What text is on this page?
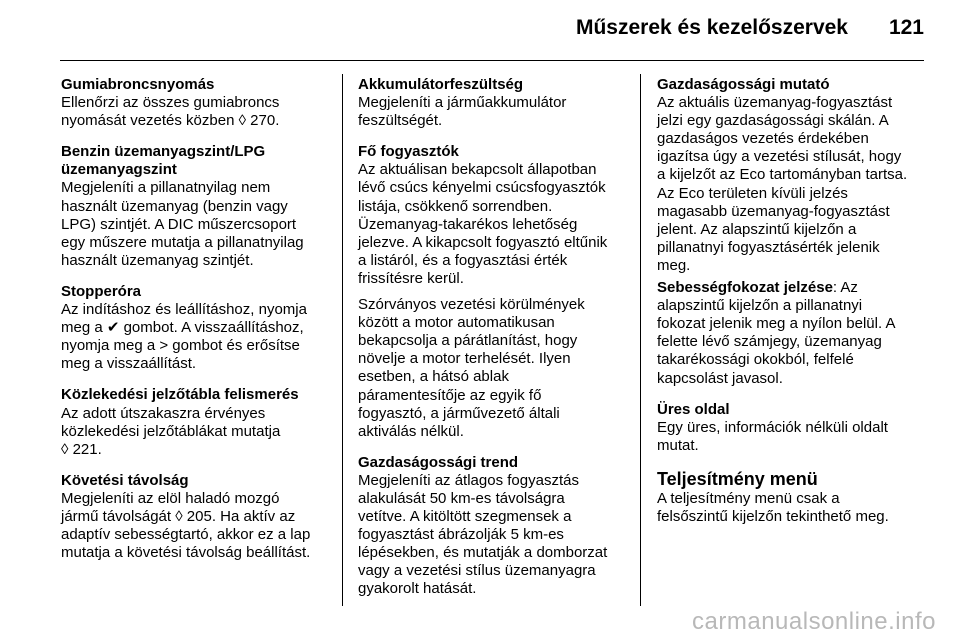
Műszerek és kezelőszervek 121
Gumiabroncsnyomás
Ellenőrzi az összes gumiabroncs
nyomását vezetés közben ◊ 270.
Benzin üzemanyagszint/LPG
üzemanyagszint
Megjeleníti a pillanatnyilag nem
használt üzemanyag (benzin vagy
LPG) szintjét. A DIC műszercsoport
egy műszere mutatja a pillanatnyilag
használt üzemanyag szintjét.
Stopperóra
Az indításhoz és leállításhoz, nyomja
meg a ✔ gombot. A visszaállításhoz,
nyomja meg a > gombot és erősítse
meg a visszaállítást.
Közlekedési jelzőtábla felismerés
Az adott útszakaszra érvényes
közlekedési jelzőtáblákat mutatja
◊ 221.
Követési távolság
Megjeleníti az elöl haladó mozgó
jármű távolságát ◊ 205. Ha aktív az
adaptív sebességtartó, akkor ez a lap
mutatja a követési távolság beállítást.
Akkumulátorfeszültség
Megjeleníti a járműakkumulátor
feszültségét.
Fő fogyasztók
Az aktuálisan bekapcsolt állapotban
lévő csúcs kényelmi csúcsfogyasztók
listája, csökkenő sorrendben.
Üzemanyag-takarékos lehetőség
jelezve. A kikapcsolt fogyasztó eltűnik
a listáról, és a fogyasztási érték
frissítésre kerül.
Szórványos vezetési körülmények
között a motor automatikusan
bekapcsolja a párátlanítást, hogy
növelje a motor terhelését. Ilyen
esetben, a hátsó ablak
páramentesítője az egyik fő
fogyasztó, a járművezető általi
aktiválás nélkül.
Gazdaságossági trend
Megjeleníti az átlagos fogyasztás
alakulását 50 km-es távolságra
vetítve. A kitöltött szegmensek a
fogyasztást ábrázolják 5 km-es
lépésekben, és mutatják a domborzat
vagy a vezetési stílus üzemanyagra
gyakorolt hatását.
Gazdaságossági mutató
Az aktuális üzemanyag-fogyasztást
jelzi egy gazdaságossági skálán. A
gazdaságos vezetés érdekében
igazítsa úgy a vezetési stílusát, hogy
a kijelzőt az Eco tartományban tartsa.
Az Eco területen kívüli jelzés
magasabb üzemanyag-fogyasztást
jelent. Az alapszintű kijelzőn a
pillanatnyi fogyasztásérték jelenik
meg.
Sebességfokozat jelzése: Az
alapszintű kijelzőn a pillanatnyi
fokozat jelenik meg a nyílon belül. A
felette lévő számjegy, üzemanyag
takarékossági okokból, felfelé
kapcsolást javasol.
Üres oldal
Egy üres, információk nélküli oldalt
mutat.
Teljesítmény menü
A teljesítmény menü csak a
felsőszintű kijelzőn tekinthető meg.
carmanualsonline.info
